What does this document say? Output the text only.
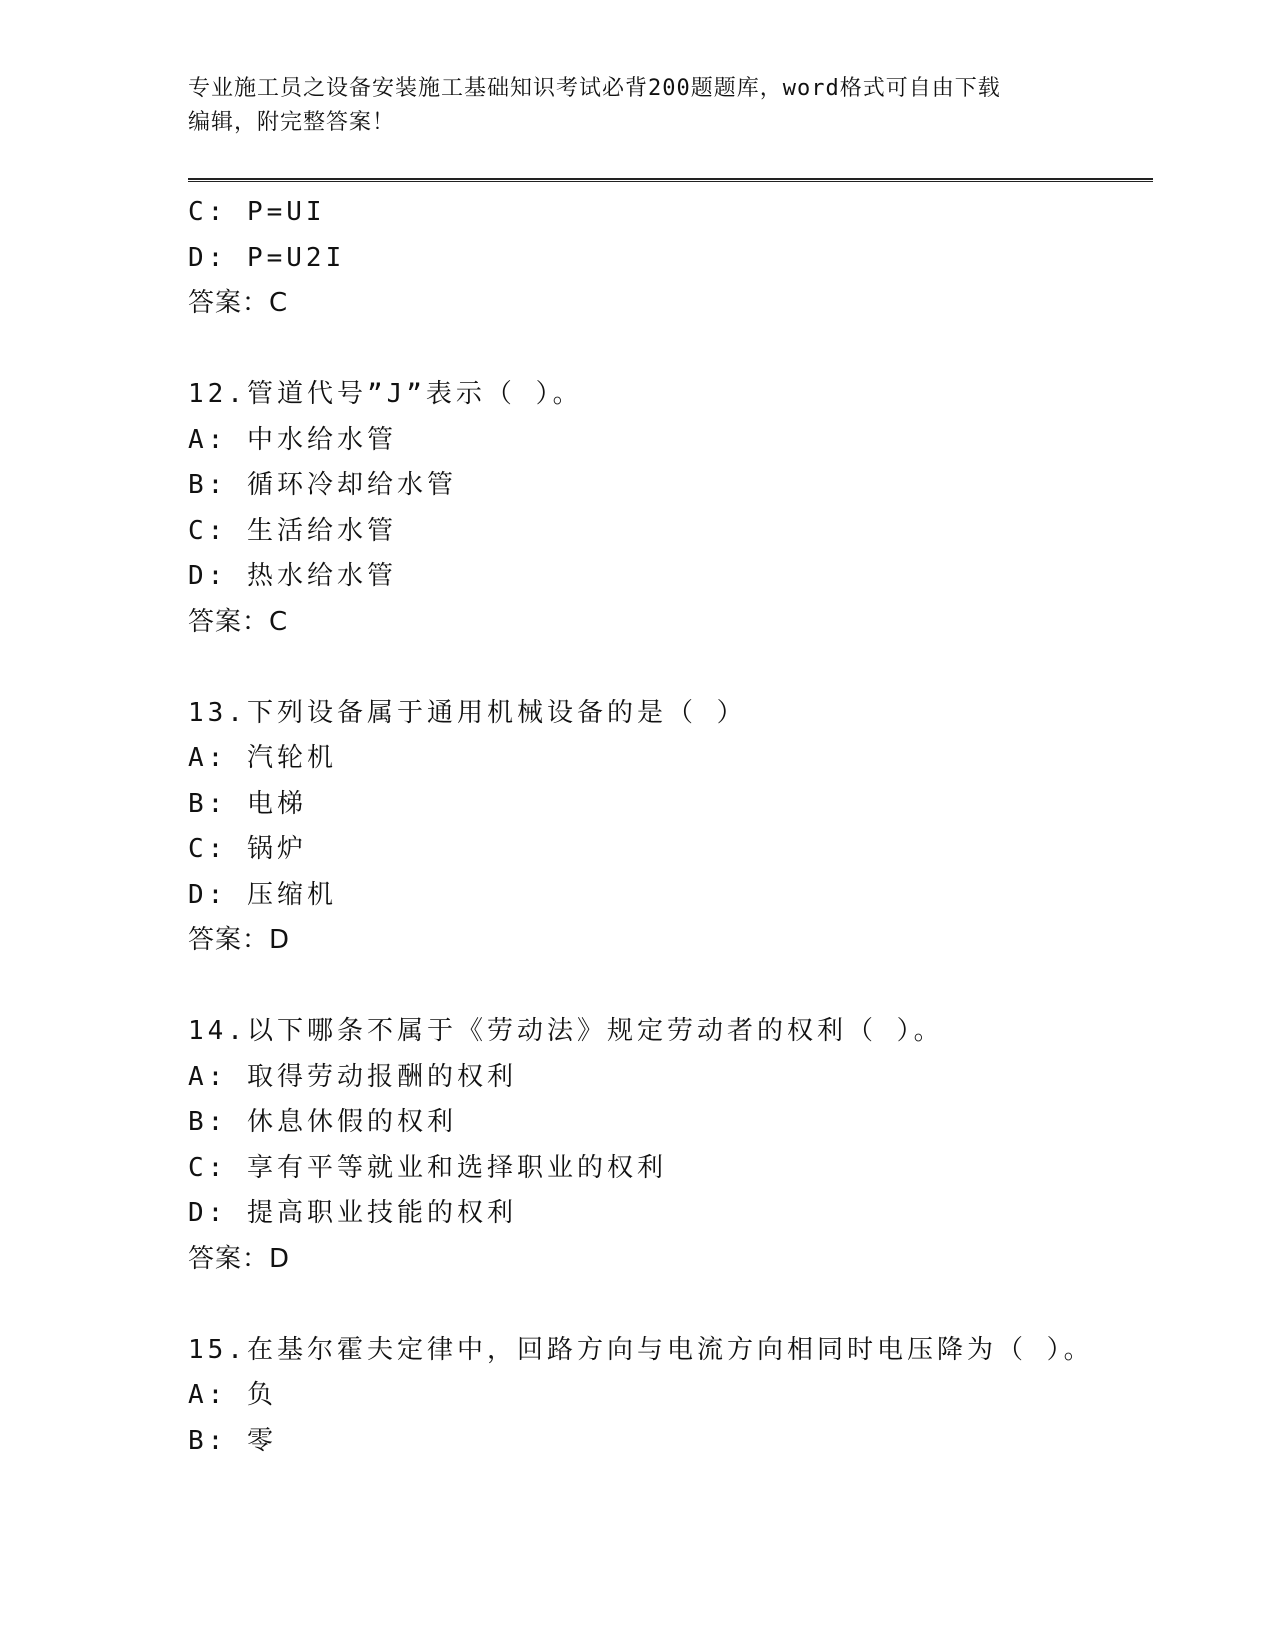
专业施工员之设备安装施工基础知识考试必背200题题库，word格式可自由下载
编辑，附完整答案！
C: P=UI
D: P=U2I
答案：C
12.管道代号”J”表示（ ）。
A: 中水给水管
B: 循环冷却给水管
C: 生活给水管
D: 热水给水管
答案：C
13.下列设备属于通用机械设备的是（ ）
A: 汽轮机
B: 电梯
C: 锅炉
D: 压缩机
答案：D
14.以下哪条不属于《劳动法》规定劳动者的权利（ ）。
A: 取得劳动报酬的权利
B: 休息休假的权利
C: 享有平等就业和选择职业的权利
D: 提高职业技能的权利
答案：D
15.在基尔霍夫定律中，回路方向与电流方向相同时电压降为（ ）。
A: 负
B: 零
